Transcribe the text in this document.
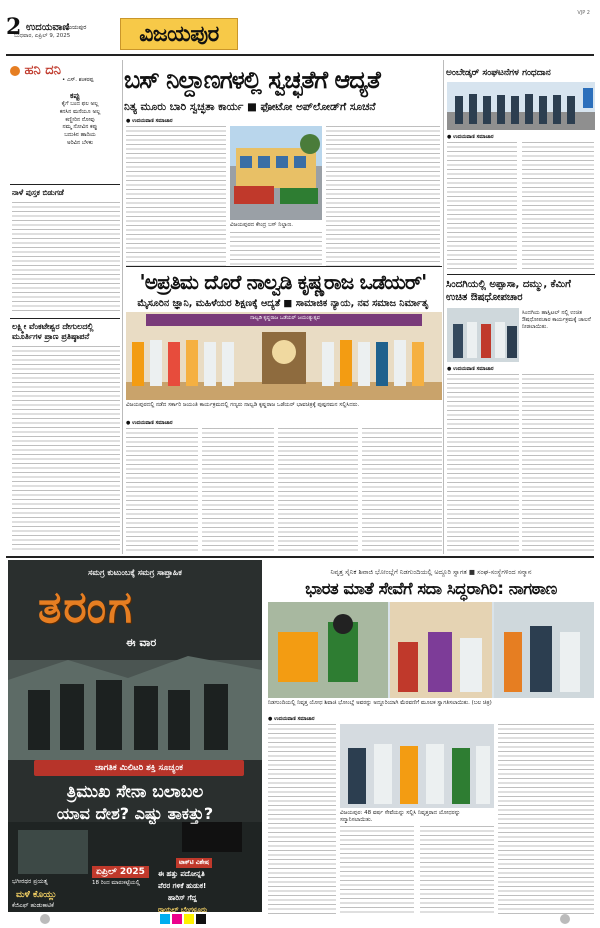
2 ಉದಯವಾಣಿ
ವಿಜಯಪುರ
ಬುಧವಾರ, ಏಪ್ರಿಲ್ 9, 2025	ವಿಜಯಪುರ
VJP 2
ಹನಿ ದನಿ
• ಎಸ್. ಶಂಕರಪ್ಪ
ಕಪ್ಪು
ಕೈಗೆ ಬಂದ ಫಲ ಅಲ್ಲ
ಕನಸಿನ ಮನೆಯೂ ಅಲ್ಲ
ಕಣ್ಣೀರಿನ ನೋವು
ನಮ್ಮ ನೋವಿನ ಕಪ್ಪು
ಬದುಕಿನ ಹಾದಿಯ
ಅರಿವಿನ ಬೆಳಕು
ನಾಳೆ ಪುಸ್ತಕ ಬಿಡುಗಡೆ
ಲಕ್ಷ್ಮೀ ವೆಂಕಟೇಶ್ವರ ದೇಗುಲದಲ್ಲಿ ಮೂರ್ತಿಗಳ ಪ್ರಾಣ ಪ್ರತಿಷ್ಠಾಪನೆ
ಬಸ್‌ ನಿಲ್ದಾಣಗಳಲ್ಲಿ ಸ್ವಚ್ಛತೆಗೆ ಆದ್ಯತೆ
ನಿತ್ಯ ಮೂರು ಬಾರಿ ಸ್ವಚ್ಛತಾ ಕಾರ್ಯ ■ ಫೋಟೋ ಅಪ್‌ಲೋಡ್‌ಗೆ ಸೂಚನೆ
● ಉದಯವಾಣಿ ಸಮಾಚಾರ
ವಿಜಯಪುರದ ಕೇಂದ್ರ ಬಸ್‌ ನಿಲ್ದಾಣ.
ಅಂಬೇಡ್ಕರ್‌ ಸಂಘಟನೆಗಳ ಗಂಧದಾನ
● ಉದಯವಾಣಿ ಸಮಾಚಾರ
'ಅಪ್ರತಿಮ ದೊರೆ ನಾಲ್ವಡಿ ಕೃಷ್ಣರಾಜ ಒಡೆಯರ್‌'
ಮೈಸೂರಿನ ಜ್ಞಾನಿ, ಮಹಿಳೆಯರ ಶಿಕ್ಷಣಕ್ಕೆ ಆದ್ಯತೆ ■ ಸಾಮಾಜಿಕ ನ್ಯಾಯ, ನವ ಸಮಾಜ ನಿರ್ಮಾತೃ
ನಾಲ್ವಡಿ ಕೃಷ್ಣರಾಜ ಒಡೆಯರ್‌ ಜಯಂತ್ಯುತ್ಸವ
ವಿಜಯಪುರದಲ್ಲಿ ನಡೆದ ಸರ್ಕಾರಿ ಜಯಂತಿ ಕಾರ್ಯಕ್ರಮದಲ್ಲಿ ಗಣ್ಯರು ನಾಲ್ವಡಿ ಕೃಷ್ಣರಾಜ ಒಡೆಯರ್‌ ಭಾವಚಿತ್ರಕ್ಕೆ ಪುಷ್ಪನಮನ ಸಲ್ಲಿಸಿದರು.
● ಉದಯವಾಣಿ ಸಮಾಚಾರ
ಸಿಂದಗಿಯಲ್ಲಿ ಅಪ್ಪಾಸಾ, ದಮ್ಮು, ಕೆಮಿಗೆ ಉಚಿತ ಔಷಧೋಪಚಾರ
ಸಿಂದಗಿಯ ಹಾಸ್ಪಿಟಲ್‌ ನಲ್ಲಿ ಉಚಿತ ಔಷಧೋಪಚಾರ ಕಾರ್ಯಕ್ರಮಕ್ಕೆ ಚಾಲನೆ ನೀಡಲಾಯಿತು.
● ಉದಯವಾಣಿ ಸಮಾಚಾರ
ಸಮಗ್ರ ಕುಟುಂಬಕ್ಕೆ ಸಮಗ್ರ ಸಾಪ್ತಾಹಿಕ
ತರಂಗ
ಈ ವಾರ
ಜಾಗತಿಕ ಮಿಲಿಟರಿ ಶಕ್ತಿ ಸೂಚ್ಯಂಕ
ತ್ರಿಮುಖ ಸೇನಾ ಬಲಾಬಲ
ಯಾವ ದೇಶ? ಎಷ್ಟು ತಾಕತ್ತು?
ಏಪ್ರಿಲ್ 2025
18 ರಿಂದ ಮಾರುಕಟ್ಟೆಯಲ್ಲಿ
ಭಗೀರಥರ ಪ್ರಯತ್ನ
ಮಳೆ ಕೊಯ್ಲು
ಕೆಜಿಎಫ್‌ ಹುಡುಕಾಟಿಕೆ
ಟಾಕ್‌ಟಿ ವಿಶೇಷ
ಈ ಹತ್ತು ಪದೋನ್ನತಿ
ಪೆರರ ಗಳಿಕೆ ಹುಡುಕ!
ಹಾರಿಸ್‌ ಗೆದ್ದ
ರಾಯಲ್‌ ಬೆಂಗಳೂರು
ನಿವೃತ್ತ ಸೈನಿಕ ಶಿವಾಜಿ ಭೋಂಬ್ಲೆಗೆ ನಿಡಗುಂದಿಯಲ್ಲಿ ಅದ್ದೂರಿ ಸ್ವಾಗತ ■ ಸಂಘ-ಸಂಸ್ಥೆಗಳಿಂದ ಸನ್ಮಾನ
ಭಾರತ ಮಾತೆ ಸೇವೆಗೆ ಸದಾ ಸಿದ್ಧರಾಗಿರಿ: ನಾಗಠಾಣ
ನಿಡಗುಂದಿಯಲ್ಲಿ ನಿವೃತ್ತ ಯೋಧ ಶಿವಾಜಿ ಭೋಂಬ್ಲೆ ಅವರನ್ನು ಅದ್ದೂರಿಯಾಗಿ ಮೆರವಣಿಗೆ ಮೂಲಕ ಸ್ವಾಗತಿಸಲಾಯಿತು. (ಬಲ ಚಿತ್ರ)
● ಉದಯವಾಣಿ ಸಮಾಚಾರ
ವಿಜಯಪುರ: 48 ವರ್ಷ ಸೇವೆಯನ್ನು ಸಲ್ಲಿಸಿ ನಿವೃತ್ತರಾದ ಯೋಧರನ್ನು ಸನ್ಮಾನಿಸಲಾಯಿತು.
